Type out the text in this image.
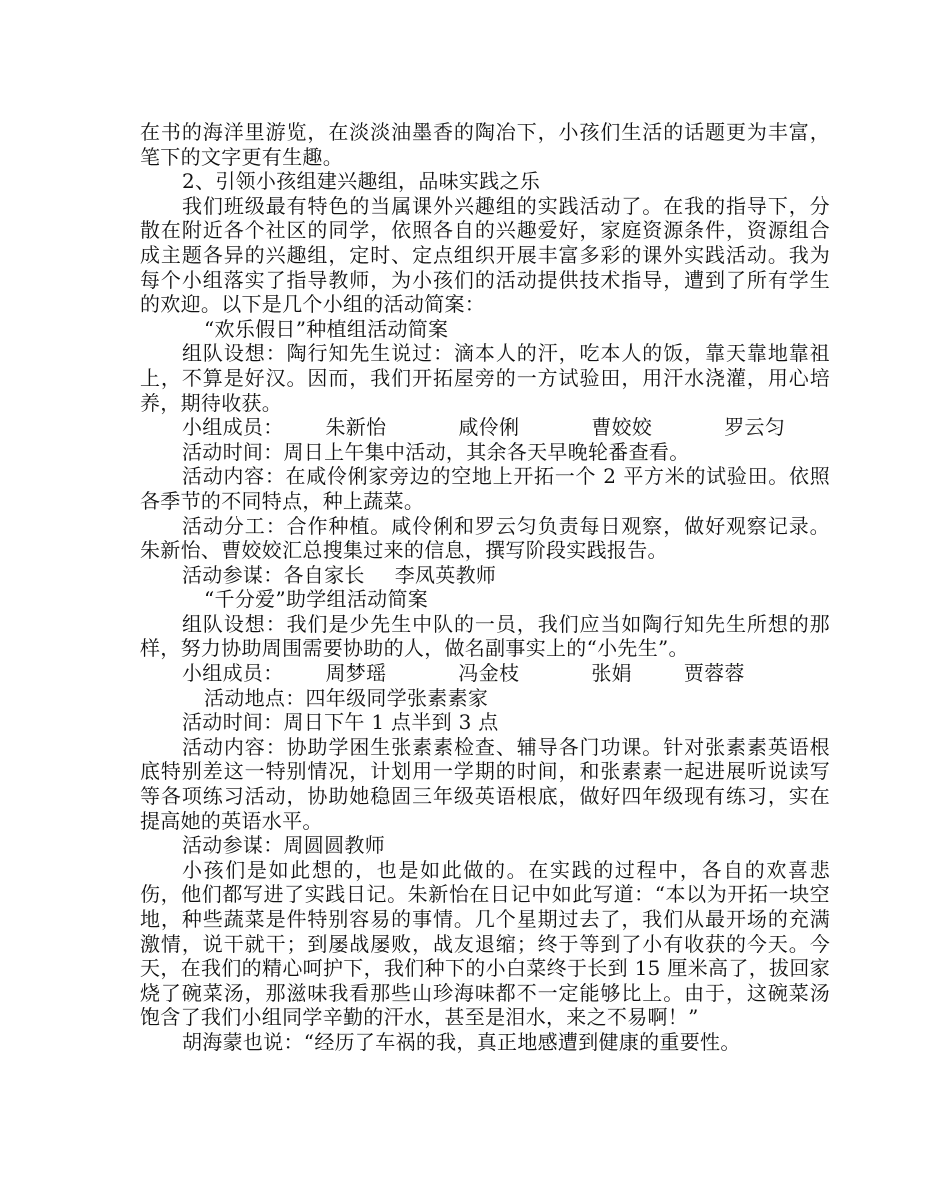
在书的海洋里游览，在淡淡油墨香的陶冶下，小孩们生活的话题更为丰富，笔下的文字更有生趣。

2、引领小孩组建兴趣组，品味实践之乐

我们班级最有特色的当属课外兴趣组的实践活动了。在我的指导下，分散在附近各个社区的同学，依照各自的兴趣爱好，家庭资源条件，资源组合成主题各异的兴趣组，定时、定点组织开展丰富多彩的课外实践活动。我为每个小组落实了指导教师，为小孩们的活动提供技术指导，遭到了所有学生的欢迎。以下是几个小组的活动简案：

“欢乐假日”种植组活动简案

组队设想：陶行知先生说过：滴本人的汗，吃本人的饭，靠天靠地靠祖上，不算是好汉。因而，我们开拓屋旁的一方试验田，用汗水浇灌，用心培养，期待收获。

小组成员： 朱新怡	咸伶俐	曹姣姣	罗云匀

活动时间：周日上午集中活动，其余各天早晚轮番查看。

活动内容：在咸伶俐家旁边的空地上开拓一个 2 平方米的试验田。依照各季节的不同特点，种上蔬菜。

活动分工：合作种植。咸伶俐和罗云匀负责每日观察，做好观察记录。朱新怡、曹姣姣汇总搜集过来的信息，撰写阶段实践报告。

活动参谋：各自家长 李凤英教师

“千分爱”助学组活动简案

组队设想：我们是少先生中队的一员，我们应当如陶行知先生所想的那样，努力协助周围需要协助的人，做名副事实上的“小先生”。

小组成员： 周梦瑶	冯金枝	张娟	贾蓉蓉

活动地点：四年级同学张素素家

活动时间：周日下午 1 点半到 3 点

活动内容：协助学困生张素素检查、辅导各门功课。针对张素素英语根底特别差这一特别情况，计划用一学期的时间，和张素素一起进展听说读写等各项练习活动，协助她稳固三年级英语根底，做好四年级现有练习，实在提高她的英语水平。

活动参谋：周圆圆教师

小孩们是如此想的，也是如此做的。在实践的过程中，各自的欢喜悲伤，他们都写进了实践日记。朱新怡在日记中如此写道：“本以为开拓一块空地，种些蔬菜是件特别容易的事情。几个星期过去了，我们从最开场的充满激情，说干就干；到屡战屡败，战友退缩；终于等到了小有收获的今天。今天，在我们的精心呵护下，我们种下的小白菜终于长到 15 厘米高了，拔回家烧了碗菜汤，那滋味我看那些山珍海味都不一定能够比上。由于，这碗菜汤饱含了我们小组同学辛勤的汗水，甚至是泪水，来之不易啊！”

胡海蒙也说：“经历了车祸的我，真正地感遭到健康的重要性。
